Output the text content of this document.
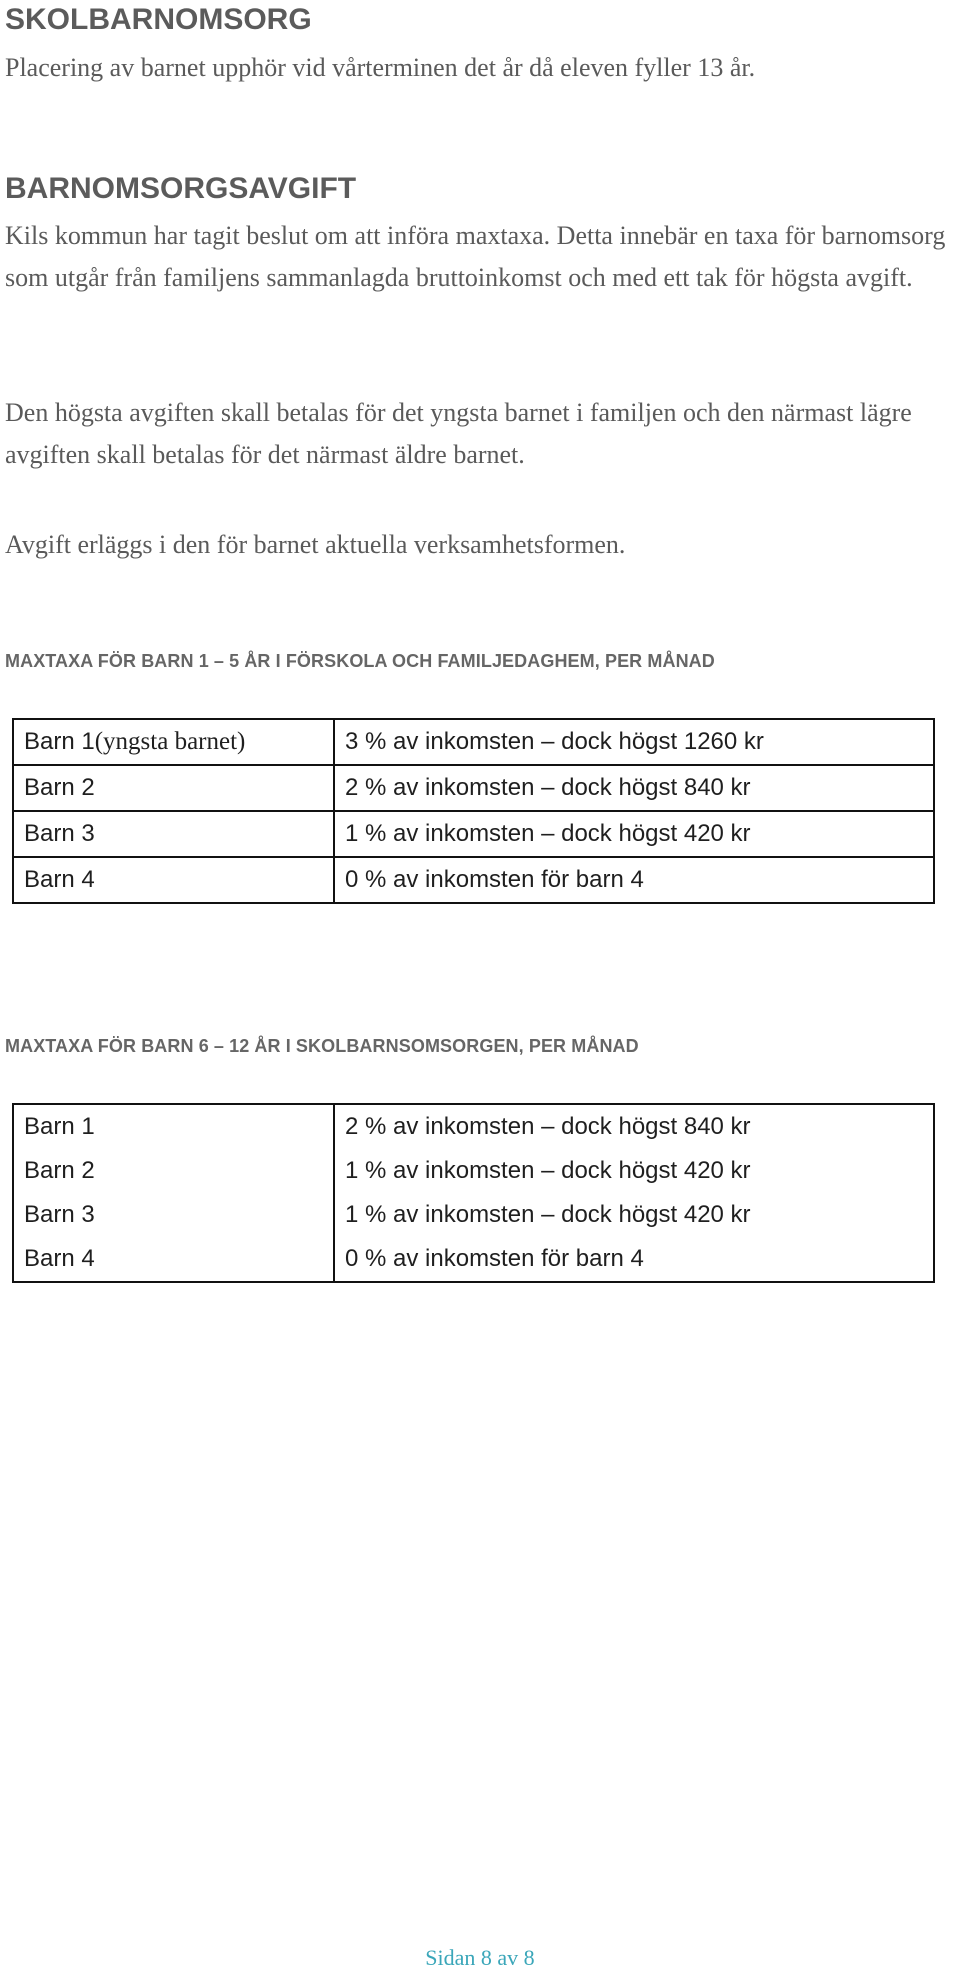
SKOLBARNOMSORG

Placering av barnet upphör vid vårterminen det år då eleven fyller 13 år.

BARNOMSORGSAVGIFT

Kils kommun har tagit beslut om att införa maxtaxa. Detta innebär en taxa för barnomsorg som utgår från familjens sammanlagda bruttoinkomst och med ett tak för högsta avgift.

Den högsta avgiften skall betalas för det yngsta barnet i familjen och den närmast lägre avgiften skall betalas för det närmast äldre barnet.

Avgift erläggs i den för barnet aktuella verksamhetsformen.

MAXTAXA FÖR BARN 1 – 5 ÅR I FÖRSKOLA OCH FAMILJEDAGHEM, PER MÅNAD
Barn 1(yngsta barnet)	3 % av inkomsten – dock högst 1260 kr
Barn 2	2 % av inkomsten – dock högst 840 kr
Barn 3	1 % av inkomsten – dock högst 420 kr
Barn 4	0 % av inkomsten för barn 4
MAXTAXA FÖR BARN 6 – 12 ÅR I SKOLBARNSOMSORGEN, PER MÅNAD
Barn 1	2 % av inkomsten – dock högst 840 kr
Barn 2	1 % av inkomsten – dock högst 420 kr
Barn 3	1 % av inkomsten – dock högst 420 kr
Barn 4	0 % av inkomsten för barn 4

Sidan 8 av 8
